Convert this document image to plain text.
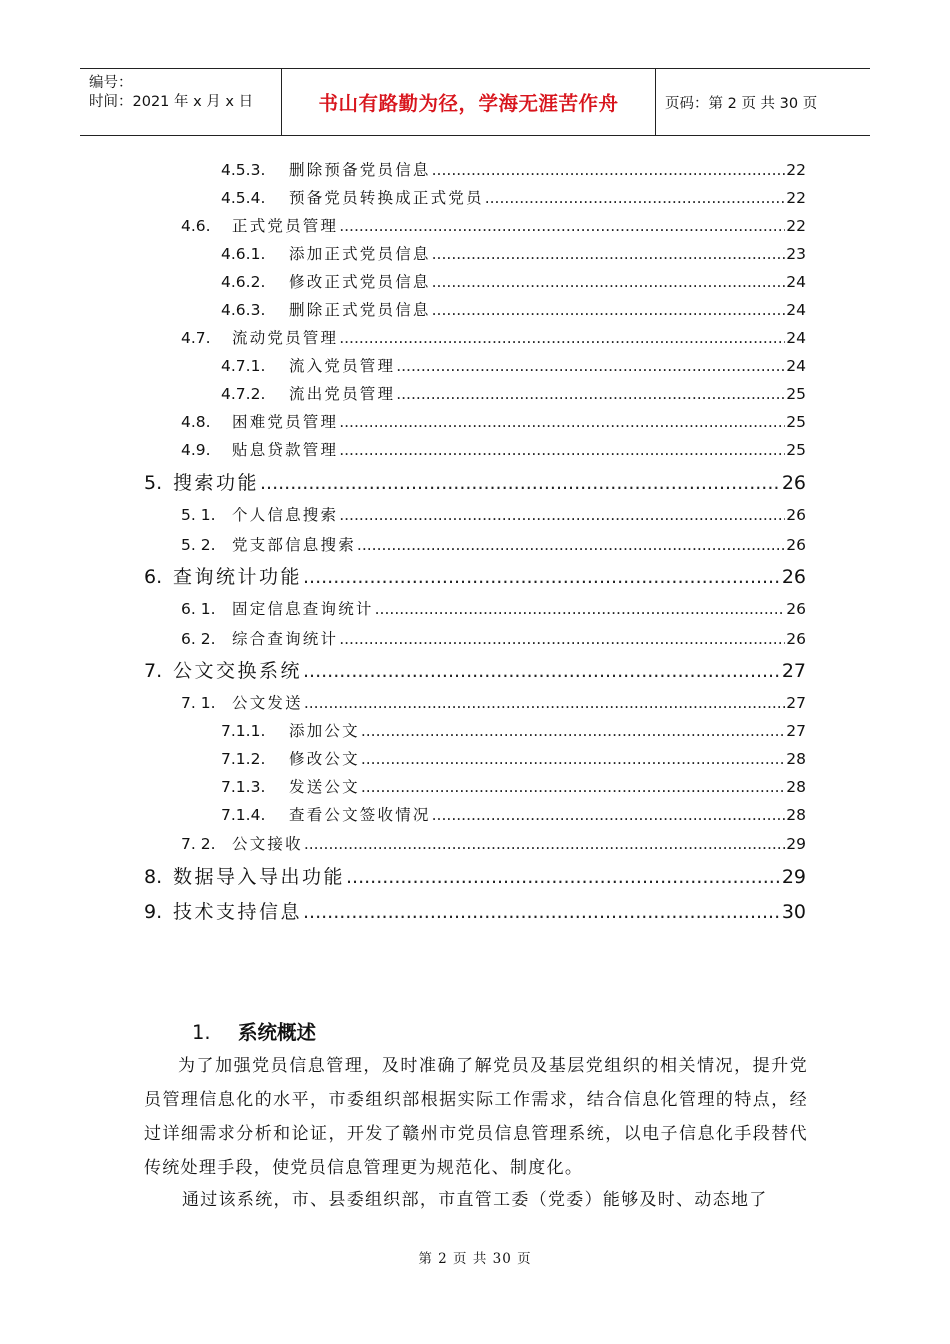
编号：
时间：2021 年 x 月 x 日	书山有路勤为径，学海无涯苦作舟	页码：第 2 页 共 30 页
4.5.3.	删除预备党员信息 .....	22
4.5.4.	预备党员转换成正式党员 .....	22
4.6.	正式党员管理 .....	22
4.6.1.	添加正式党员信息 .....	23
4.6.2.	修改正式党员信息 .....	24
4.6.3.	删除正式党员信息 .....	24
4.7.	流动党员管理 .....	24
4.7.1.	流入党员管理 .....	24
4.7.2.	流出党员管理 .....	25
4.8.	困难党员管理 .....	25
4.9.	贴息贷款管理 .....	25
5. 搜索功能 .....	26
5. 1.	个人信息搜索 .....	26
5. 2.	党支部信息搜索 .....	26
6. 查询统计功能 .....	26
6. 1.	固定信息查询统计 .....	26
6. 2.	综合查询统计 .....	26
7. 公文交换系统 .....	27
7. 1.	公文发送 .....	27
7.1.1.	添加公文 .....	27
7.1.2.	修改公文 .....	28
7.1.3.	发送公文 .....	28
7.1.4.	查看公文签收情况 .....	28
7. 2.	公文接收 .....	29
8. 数据导入导出功能 .....	29
9. 技术支持信息 .....	30
1. 系统概述

为了加强党员信息管理，及时准确了解党员及基层党组织的相关情况，提升党员管理信息化的水平，市委组织部根据实际工作需求，结合信息化管理的特点，经过详细需求分析和论证，开发了赣州市党员信息管理系统，以电子信息化手段替代传统处理手段，使党员信息管理更为规范化、制度化。

通过该系统，市、县委组织部，市直管工委（党委）能够及时、动态地了

第 2 页 共 30 页
